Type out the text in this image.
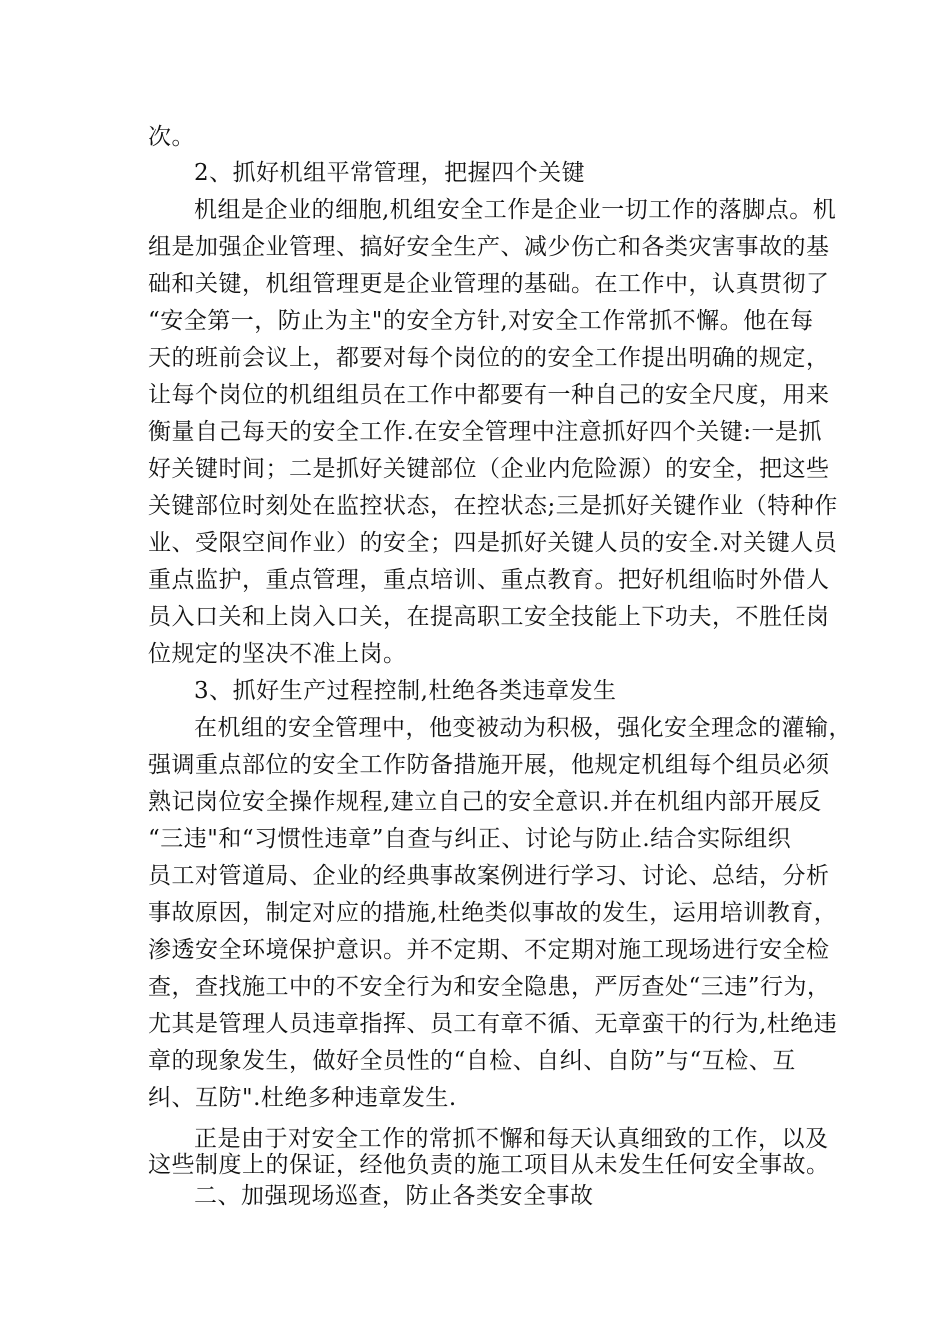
次。
2、抓好机组平常管理，把握四个关键
机组是企业的细胞,机组安全工作是企业一切工作的落脚点。机
组是加强企业管理、搞好安全生产、减少伤亡和各类灾害事故的基
础和关键，机组管理更是企业管理的基础。在工作中，认真贯彻了
“安全第一，防止为主"的安全方针,对安全工作常抓不懈。他在每
天的班前会议上，都要对每个岗位的的安全工作提出明确的规定，
让每个岗位的机组组员在工作中都要有一种自己的安全尺度，用来
衡量自己每天的安全工作.在安全管理中注意抓好四个关键:一是抓
好关键时间；二是抓好关键部位（企业内危险源）的安全，把这些
关键部位时刻处在监控状态，在控状态;三是抓好关键作业（特种作
业、受限空间作业）的安全；四是抓好关键人员的安全.对关键人员
重点监护，重点管理，重点培训、重点教育。把好机组临时外借人
员入口关和上岗入口关，在提高职工安全技能上下功夫，不胜任岗
位规定的坚决不准上岗。
3、抓好生产过程控制,杜绝各类违章发生
在机组的安全管理中，他变被动为积极，强化安全理念的灌输，
强调重点部位的安全工作防备措施开展，他规定机组每个组员必须
熟记岗位安全操作规程,建立自己的安全意识.并在机组内部开展反
“三违"和“习惯性违章”自查与纠正、讨论与防止.结合实际组织
员工对管道局、企业的经典事故案例进行学习、讨论、总结，分析
事故原因，制定对应的措施,杜绝类似事故的发生，运用培训教育，
渗透安全环境保护意识。并不定期、不定期对施工现场进行安全检
查，查找施工中的不安全行为和安全隐患，严厉查处“三违”行为，
尤其是管理人员违章指挥、员工有章不循、无章蛮干的行为,杜绝违
章的现象发生，做好全员性的“自检、自纠、自防”与“互检、互
纠、互防".杜绝多种违章发生.
正是由于对安全工作的常抓不懈和每天认真细致的工作，以及
这些制度上的保证，经他负责的施工项目从未发生任何安全事故。
二、加强现场巡查，防止各类安全事故
